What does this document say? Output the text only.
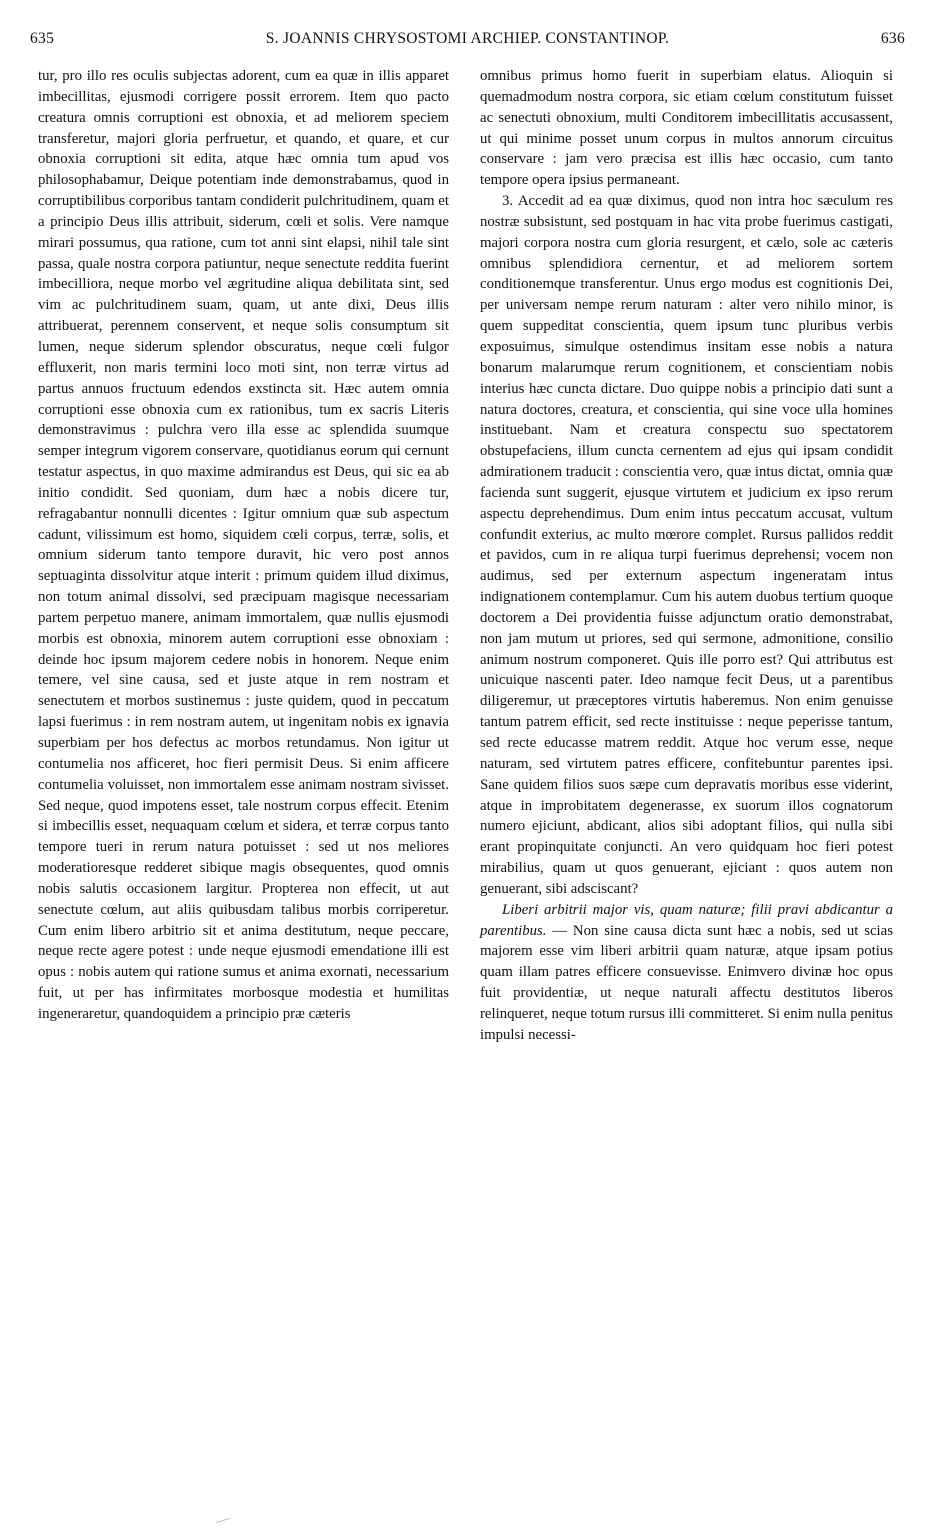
635	S. JOANNIS CHRYSOSTOMI ARCHIEP. CONSTANTINOP.	636

tur, pro illo res oculis subjectas adorent, cum ea quæ in illis apparet imbecillitas, ejusmodi corrigere possit errorem. Item quo pacto creatura omnis corruptioni est obnoxia, et ad meliorem speciem transferetur, majori gloria perfruetur, et quando, et quare, et cur obnoxia corruptioni sit edita, atque hæc omnia tum apud vos philosophabamur, Deique potentiam inde demonstrabamus, quod in corruptibilibus corporibus tantam condiderit pulchritudinem, quam et a principio Deus illis attribuit, siderum, cœli et solis. Vere namque mirari possumus, qua ratione, cum tot anni sint elapsi, nihil tale sint passa, quale nostra corpora patiuntur, neque senectute reddita fuerint imbecilliora, neque morbo vel ægritudine aliqua debilitata sint, sed vim ac pulchritudinem suam, quam, ut ante dixi, Deus illis attribuerat, perennem conservent, et neque solis consumptum sit lumen, neque siderum splendor obscuratus, neque cœli fulgor effluxerit, non maris termini loco moti sint, non terræ virtus ad partus annuos fructuum edendos exstincta sit. Hæc autem omnia corruptioni esse obnoxia cum ex rationibus, tum ex sacris Literis demonstravimus : pulchra vero illa esse ac splendida suumque semper integrum vigorem conservare, quotidianus eorum qui cernunt testatur aspectus, in quo maxime admirandus est Deus, qui sic ea ab initio condidit. Sed quoniam, dum hæc a nobis dicere tur, refragabantur nonnulli dicentes : Igitur omnium quæ sub aspectum cadunt, vilissimum est homo, siquidem cœli corpus, terræ, solis, et omnium siderum tanto tempore duravit, hic vero post annos septuaginta dissolvitur atque interit : primum quidem illud diximus, non totum animal dissolvi, sed præcipuam magisque necessariam partem perpetuo manere, animam immortalem, quæ nullis ejusmodi morbis est obnoxia, minorem autem corruptioni esse obnoxiam : deinde hoc ipsum majorem cedere nobis in honorem. Neque enim temere, vel sine causa, sed et juste atque in rem nostram et senectutem et morbos sustinemus : juste quidem, quod in peccatum lapsi fuerimus : in rem nostram autem, ut ingenitam nobis ex ignavia superbiam per hos defectus ac morbos retundamus. Non igitur ut contumelia nos afficeret, hoc fieri permisit Deus. Si enim afficere contumelia voluisset, non immortalem esse animam nostram sivisset. Sed neque, quod impotens esset, tale nostrum corpus effecit. Etenim si imbecillis esset, nequaquam cœlum et sidera, et terræ corpus tanto tempore tueri in rerum natura potuisset : sed ut nos meliores moderatioresque redderet sibique magis obsequentes, quod omnis nobis salutis occasionem largitur. Propterea non effecit, ut aut senectute cœlum, aut aliis quibusdam talibus morbis corriperetur. Cum enim libero arbitrio sit et anima destitutum, neque peccare, neque recte agere potest : unde neque ejusmodi emendatione illi est opus : nobis autem qui ratione sumus et anima exornati, necessarium fuit, ut per has infirmitates morbosque modestia et humilitas ingeneraretur, quandoquidem a principio præ cæteris

omnibus primus homo fuerit in superbiam elatus. Alioquin si quemadmodum nostra corpora, sic etiam cœlum constitutum fuisset ac senectuti obnoxium, multi Conditorem imbecillitatis accusassent, ut qui minime posset unum corpus in multos annorum circuitus conservare : jam vero præcisa est illis hæc occasio, cum tanto tempore opera ipsius permaneant.

3. Accedit ad ea quæ diximus, quod non intra hoc sæculum res nostræ subsistunt, sed postquam in hac vita probe fuerimus castigati, majori corpora nostra cum gloria resurgent, et cælo, sole ac cæteris omnibus splendidiora cernentur, et ad meliorem sortem conditionemque transferentur. Unus ergo modus est cognitionis Dei, per universam nempe rerum naturam : alter vero nihilo minor, is quem suppeditat conscientia, quem ipsum tunc pluribus verbis exposuimus, simulque ostendimus insitam esse nobis a natura bonarum malarumque rerum cognitionem, et conscientiam nobis interius hæc cuncta dictare. Duo quippe nobis a principio dati sunt a natura doctores, creatura, et conscientia, qui sine voce ulla homines instituebant. Nam et creatura conspectu suo spectatorem obstupefaciens, illum cuncta cernentem ad ejus qui ipsam condidit admirationem traducit : conscientia vero, quæ intus dictat, omnia quæ facienda sunt suggerit, ejusque virtutem et judicium ex ipso rerum aspectu deprehendimus. Dum enim intus peccatum accusat, vultum confundit exterius, ac multo mœrore complet. Rursus pallidos reddit et pavidos, cum in re aliqua turpi fuerimus deprehensi; vocem non audimus, sed per externum aspectum ingeneratam intus indignationem contemplamur. Cum his autem duobus tertium quoque doctorem a Dei providentia fuisse adjunctum oratio demonstrabat, non jam mutum ut priores, sed qui sermone, admonitione, consilio animum nostrum componeret. Quis ille porro est? Qui attributus est unicuique nascenti pater. Ideo namque fecit Deus, ut a parentibus diligeremur, ut præceptores virtutis haberemus. Non enim genuisse tantum patrem efficit, sed recte instituisse : neque peperisse tantum, sed recte educasse matrem reddit. Atque hoc verum esse, neque naturam, sed virtutem patres efficere, confitebuntur parentes ipsi. Sane quidem filios suos sæpe cum depravatis moribus esse viderint, atque in improbitatem degenerasse, ex suorum illos cognatorum numero ejiciunt, abdicant, alios sibi adoptant filios, qui nulla sibi erant propinquitate conjuncti. An vero quidquam hoc fieri potest mirabilius, quam ut quos genuerant, ejiciant : quos autem non genuerant, sibi adsciscant?

Liberi arbitrii major vis, quam naturæ; filii pravi abdicantur a parentibus. — Non sine causa dicta sunt hæc a nobis, sed ut scias majorem esse vim liberi arbitrii quam naturæ, atque ipsam potius quam illam patres efficere consuevisse. Enimvero divinæ hoc opus fuit providentiæ, ut neque naturali affectu destitutos liberos relinqueret, neque totum rursus illi committeret. Si enim nulla penitus impulsi necessi-
